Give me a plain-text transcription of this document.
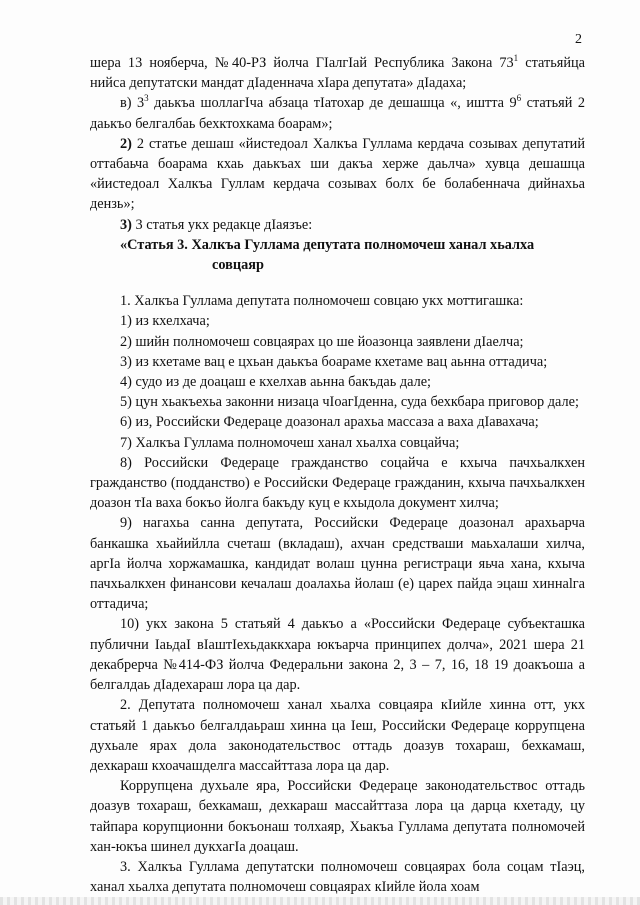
2

шера 13 нояберча, №40-РЗ йолча ГӀалгӀай Республика Закона $73^1$ статьяйца нийса депутатски мандат дӀаденнача хӀара депутата» дӀадаха;

в) $3^3$ даькъа шоллагӀча абзаца тӀатохар де дешашца «, иштта $9^6$ статьяй 2 даькъо белгалбаь бехктохкама боарам»;

2) 2 статье дешаш «йистедоал Халкъа Гуллама кердача созывах депутатий оттабаьча боарама кхаь даькъах ши дакъа херже даьлча» хувца дешашца «йистедоал Халкъа Гуллам кердача созывах болх бе болабеннача дийнахьа дензь»;

3) 3 статья укх редакце дӀаязъе:

«Статья 3. Халкъа Гуллама депутата полномочеш ханал хьалха
совцаяр

1. Халкъа Гуллама депутата полномочеш совцаю укх моттигашка:

1) из кхелхача;

2) шийн полномочеш совцаярах цо ше йоазонца заявлени дӀаелча;

3) из кхетаме вац е цхьан даькъа боараме кхетаме вац аьнна оттадича;

4) судо из де доацаш е кхелхав аьнна бакъдаь дале;

5) цун хьакъехьа законни низаца чӀоагӀденна, суда бехкбара приговор дале;

6) из, Российски Федераце доазонал арахьа массаза а ваха дӀавахача;

7) Халкъа Гуллама полномочеш ханал хьалха совцайча;

8) Российски Федераце гражданство соцайча е кхыча пачхьалкхен гражданство (подданство) е Российски Федераце гражданин, кхыча пачхьалкхен доазон тӀа ваха бокъо йолга бакъду куц е кхыдола документ хилча;

9) нагахьа санна депутата, Российски Федераце доазонал арахьарча банкашка хьайийлла счеташ (вкладаш), ахчан средстваши маьхалаши хилча, аргӀа йолча хоржамашка, кандидат волаш цунна регистраци яьча хана, кхыча пачхьалкхен финансови кечалаш доалахьа йолаш (е) царех пайда эцаш хиннalга оттадича;

10) укх закона 5 статьяй 4 даькъо а «Российски Федераце субъекташка публични ӀаьдаӀ вӀаштӀехьдаккхара юкъарча принципех долча», 2021 шера 21 декабрерча №414-ФЗ йолча Федеральни закона 2, 3 – 7, 16, 18 19 доакъоша а белгалдаь дӀадехараш лора ца дар.

2. Депутата полномочеш ханал хьалха совцаяра кӀийле хинна отт, укх статьяй 1 даькъо белгалдаьраш хинна ца Ӏеш, Российски Федераце коррупцена духьале ярах дола законодательствос оттадь доазув тохараш, бехкамаш, дехкараш кхоачашделга массайттаза лора ца дар.

Коррупцена духьале яра, Российски Федераце законодательствос оттадь доазув тохараш, бехкамаш, дехкараш массайттаза лора ца дарца кхетаду, цу тайпара корупционни бокъонаш толхаяр, Хьакъа Гуллама депутата полномочей хан-юкъа шинел дукхагӀа доацаш.

3. Халкъа Гуллама депутатски полномочеш совцаярах бола соцам тӀаэц, ханал хьалха депутата полномочеш совцаярах кӀийле йола хоам
